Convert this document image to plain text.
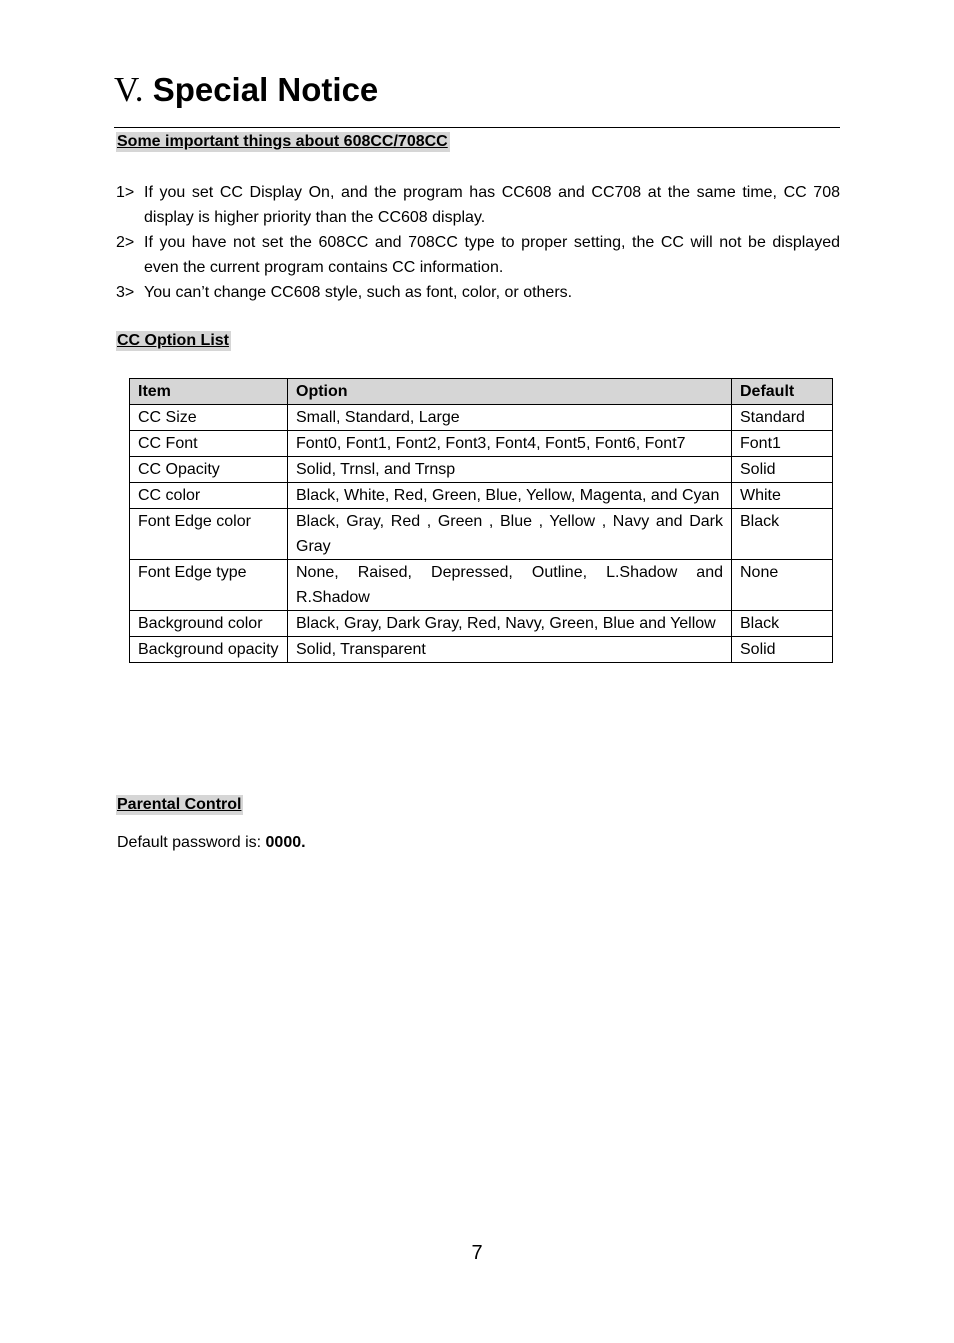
V. Special Notice
Some important things about 608CC/708CC
1> If you set CC Display On, and the program has CC608 and CC708 at the same time, CC 708 display is higher priority than the CC608 display.
2> If you have not set the 608CC and 708CC type to proper setting, the CC will not be displayed even the current program contains CC information.
3> You can’t change CC608 style, such as font, color, or others.
CC Option List
Item	Option	Default
CC Size	Small, Standard, Large	Standard
CC Font	Font0, Font1, Font2, Font3, Font4, Font5, Font6, Font7	Font1
CC Opacity	Solid, Trnsl, and Trnsp	Solid
CC color	Black, White, Red, Green, Blue, Yellow, Magenta, and Cyan	White
Font Edge color	Black, Gray, Red , Green , Blue , Yellow , Navy and Dark Gray	Black
Font Edge type	None, Raised, Depressed, Outline, L.Shadow and R.Shadow	None
Background color	Black, Gray, Dark Gray, Red, Navy, Green, Blue and Yellow	Black
Background opacity	Solid, Transparent	Solid
Parental Control
Default password is: 0000.
7
